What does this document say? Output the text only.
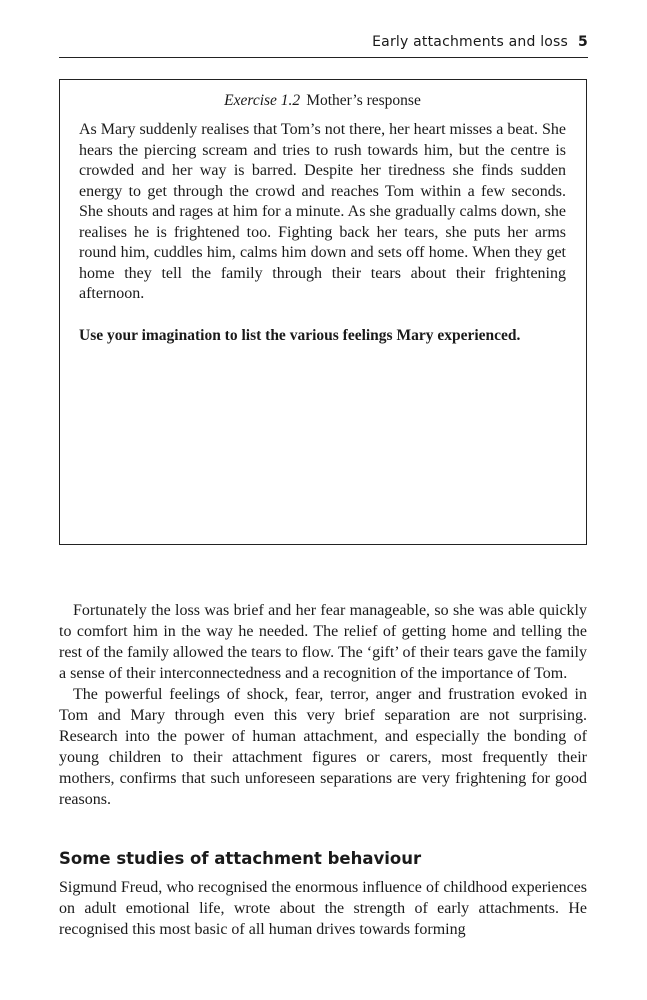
Early attachments and loss 5

Exercise 1.2 Mother’s response

As Mary suddenly realises that Tom’s not there, her heart misses a beat. She hears the piercing scream and tries to rush towards him, but the centre is crowded and her way is barred. Despite her tiredness she finds sudden energy to get through the crowd and reaches Tom within a few seconds. She shouts and rages at him for a minute. As she gradually calms down, she realises he is frightened too. Fighting back her tears, she puts her arms round him, cuddles him, calms him down and sets off home. When they get home they tell the family through their tears about their frightening afternoon.

Use your imagination to list the various feelings Mary experienced.

Fortunately the loss was brief and her fear manageable, so she was able quickly to comfort him in the way he needed. The relief of getting home and telling the rest of the family allowed the tears to flow. The ‘gift’ of their tears gave the family a sense of their interconnectedness and a recognition of the importance of Tom.

The powerful feelings of shock, fear, terror, anger and frustration evoked in Tom and Mary through even this very brief separation are not surprising. Research into the power of human attachment, and especially the bonding of young children to their attachment figures or carers, most frequently their mothers, confirms that such unforeseen separations are very frightening for good reasons.

Some studies of attachment behaviour

Sigmund Freud, who recognised the enormous influence of childhood experiences on adult emotional life, wrote about the strength of early attachments. He recognised this most basic of all human drives towards forming
